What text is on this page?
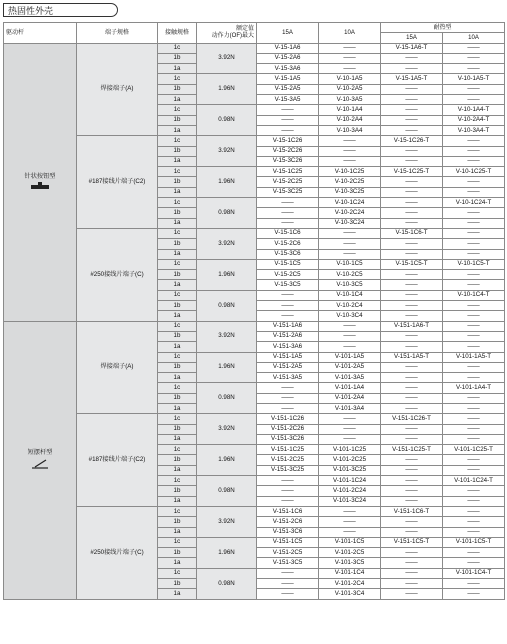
热固性外壳
驱动杆	端子规格	接触规格	额定值
动作力(OF)最大	15A	10A	耐热型	
						15A	10A

针状按钮型	焊接端子(A)	1c	3.92N	V-15-1A6	——	V-15-1A6-T	——
		1b		V-15-2A6	——	——	——
		1a		V-15-3A6	——	——	——
		1c	1.96N	V-15-1A5	V-10-1A5	V-15-1A5-T	V-10-1A5-T
		1b		V-15-2A5	V-10-2A5	——	——
		1a		V-15-3A5	V-10-3A5	——	——
		1c	0.98N	——	V-10-1A4	——	V-10-1A4-T
		1b		——	V-10-2A4	——	V-10-2A4-T
		1a		——	V-10-3A4	——	V-10-3A4-T
	#187接线片端子(C2)	1c	3.92N	V-15-1C26	——	V-15-1C26-T	——
		1b		V-15-2C26	——	——	——
		1a		V-15-3C26	——	——	——
		1c	1.96N	V-15-1C25	V-10-1C25	V-15-1C25-T	V-10-1C25-T
		1b		V-15-2C25	V-10-2C25	——	——
		1a		V-15-3C25	V-10-3C25	——	——
		1c	0.98N	——	V-10-1C24	——	V-10-1C24-T
		1b		——	V-10-2C24	——	——
		1a		——	V-10-3C24	——	——
	#250接线片端子(C)	1c	3.92N	V-15-1C6	——	V-15-1C6-T	——
		1b		V-15-2C6	——	——	——
		1a		V-15-3C6	——	——	——
		1c	1.96N	V-15-1C5	V-10-1C5	V-15-1C5-T	V-10-1C5-T
		1b		V-15-2C5	V-10-2C5	——	——
		1a		V-15-3C5	V-10-3C5	——	——
		1c	0.98N	——	V-10-1C4	——	V-10-1C4-T
		1b		——	V-10-2C4	——	——
		1a		——	V-10-3C4	——	——

短摆杆型	焊接端子(A)	1c	3.92N	V-151-1A6	——	V-151-1A6-T	——
		1b		V-151-2A6	——	——	——
		1a		V-151-3A6	——	——	——
		1c	1.96N	V-151-1A5	V-101-1A5	V-151-1A5-T	V-101-1A5-T
		1b		V-151-2A5	V-101-2A5	——	——
		1a		V-151-3A5	V-101-3A5	——	——
		1c	0.98N	——	V-101-1A4	——	V-101-1A4-T
		1b		——	V-101-2A4	——	——
		1a		——	V-101-3A4	——	——
	#187接线片端子(C2)	1c	3.92N	V-151-1C26	——	V-151-1C26-T	——
		1b		V-151-2C26	——	——	——
		1a		V-151-3C26	——	——	——
		1c	1.96N	V-151-1C25	V-101-1C25	V-151-1C25-T	V-101-1C25-T
		1b		V-151-2C25	V-101-2C25	——	——
		1a		V-151-3C25	V-101-3C25	——	——
		1c	0.98N	——	V-101-1C24	——	V-101-1C24-T
		1b		——	V-101-2C24	——	——
		1a		——	V-101-3C24	——	——
	#250接线片端子(C)	1c	3.92N	V-151-1C6	——	V-151-1C6-T	——
		1b		V-151-2C6	——	——	——
		1a		V-151-3C6	——	——	——
		1c	1.96N	V-151-1C5	V-101-1C5	V-151-1C5-T	V-101-1C5-T
		1b		V-151-2C5	V-101-2C5	——	——
		1a		V-151-3C5	V-101-3C5	——	——
		1c	0.98N	——	V-101-1C4	——	V-101-1C4-T
		1b		——	V-101-2C4	——	——
		1a		——	V-101-3C4	——	——
